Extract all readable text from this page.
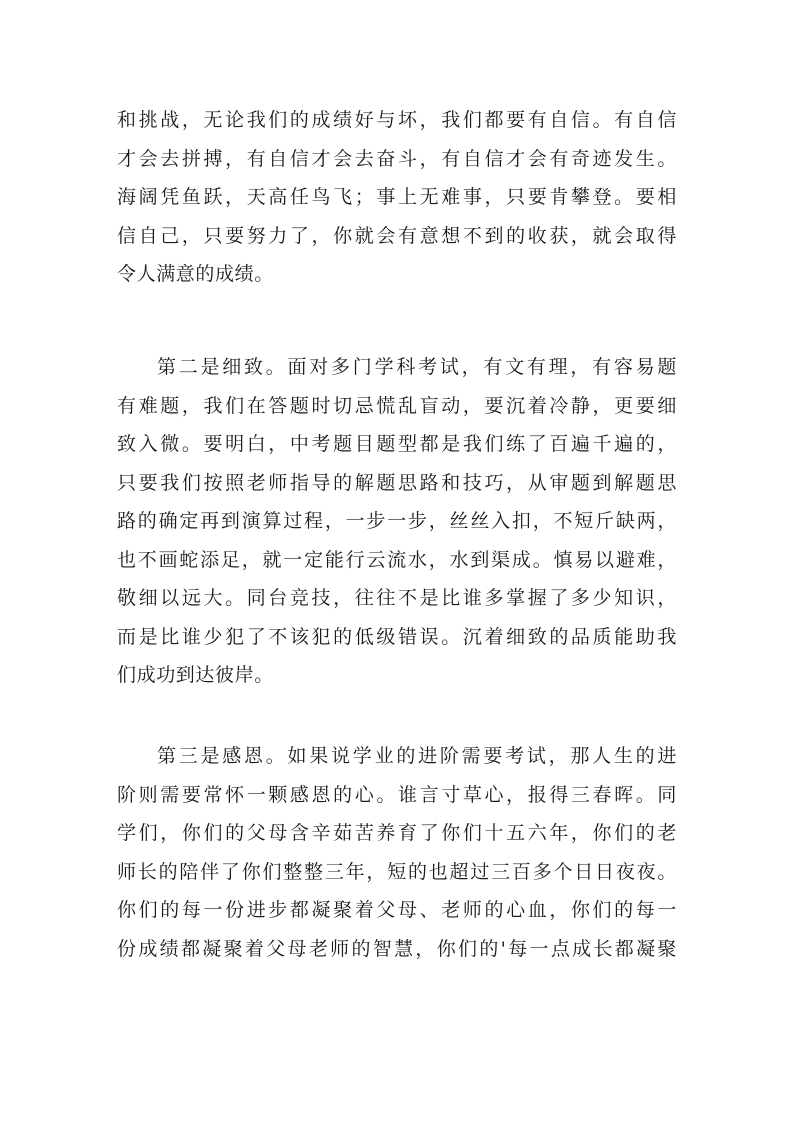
和挑战，无论我们的成绩好与坏，我们都要有自信。有自信
才会去拼搏，有自信才会去奋斗，有自信才会有奇迹发生。
海阔凭鱼跃，天高任鸟飞；事上无难事，只要肯攀登。要相
信自己，只要努力了，你就会有意想不到的收获，就会取得
令人满意的成绩。
第二是细致。面对多门学科考试，有文有理，有容易题
有难题，我们在答题时切忌慌乱盲动，要沉着冷静，更要细
致入微。要明白，中考题目题型都是我们练了百遍千遍的，
只要我们按照老师指导的解题思路和技巧，从审题到解题思
路的确定再到演算过程，一步一步，丝丝入扣，不短斤缺两，
也不画蛇添足，就一定能行云流水，水到渠成。慎易以避难，
敬细以远大。同台竞技，往往不是比谁多掌握了多少知识，
而是比谁少犯了不该犯的低级错误。沉着细致的品质能助我
们成功到达彼岸。
第三是感恩。如果说学业的进阶需要考试，那人生的进
阶则需要常怀一颗感恩的心。谁言寸草心，报得三春晖。同
学们，你们的父母含辛茹苦养育了你们十五六年，你们的老
师长的陪伴了你们整整三年，短的也超过三百多个日日夜夜。
你们的每一份进步都凝聚着父母、老师的心血，你们的每一
份成绩都凝聚着父母老师的智慧，你们的'每一点成长都凝聚
